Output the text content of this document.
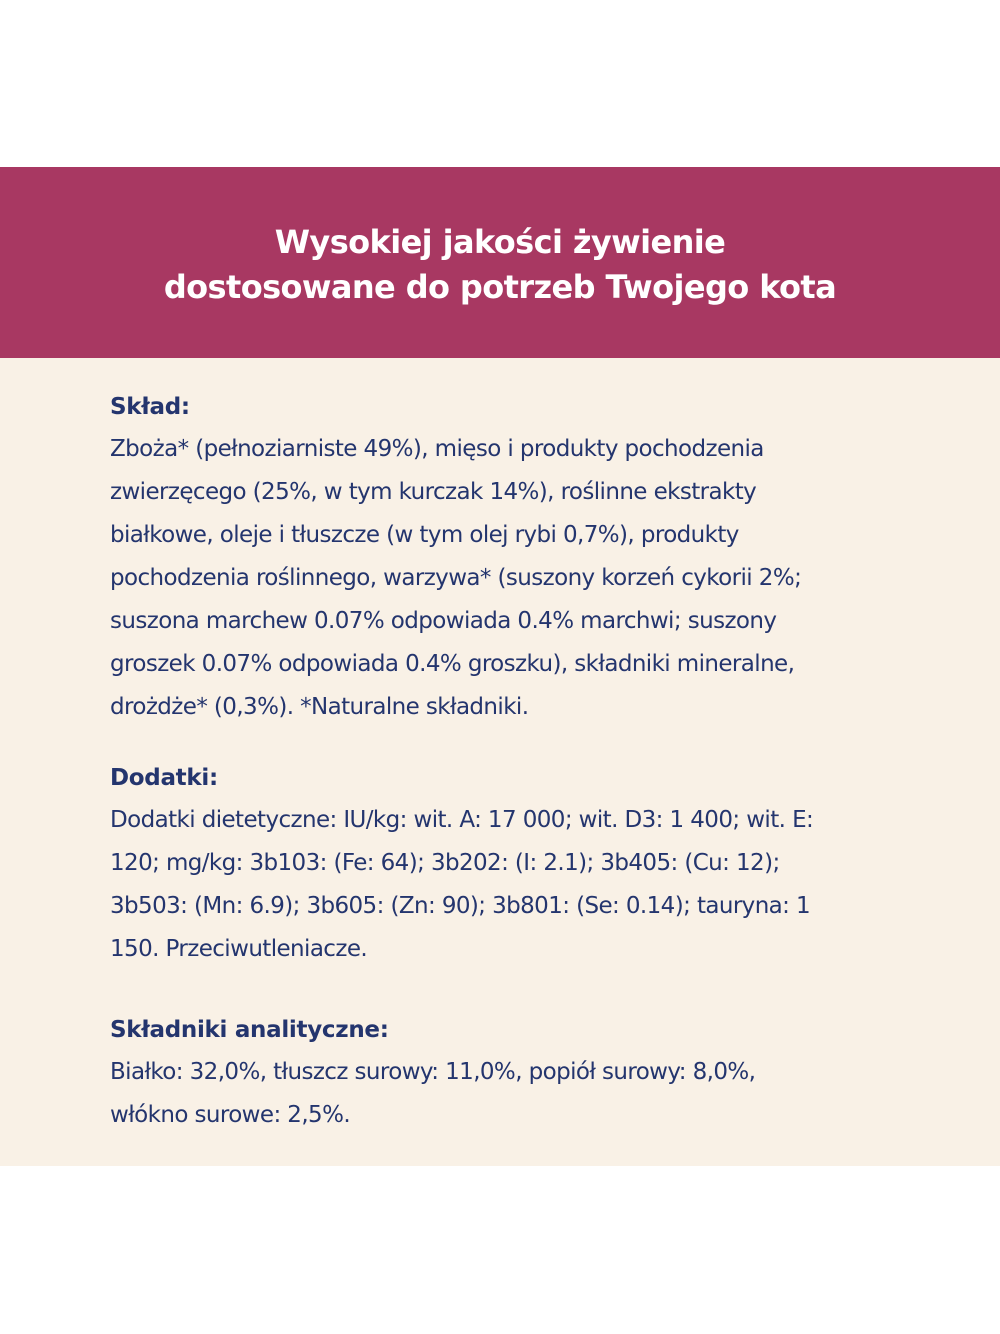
Wysokiej jakości żywienie
dostosowane do potrzeb Twojego kota
Skład:
Zboża* (pełnoziarniste 49%), mięso i produkty pochodzenia
zwierzęcego (25%, w tym kurczak 14%), roślinne ekstrakty
białkowe, oleje i tłuszcze (w tym olej rybi 0,7%), produkty
pochodzenia roślinnego, warzywa* (suszony korzeń cykorii 2%;
suszona marchew 0.07% odpowiada 0.4% marchwi; suszony
groszek 0.07% odpowiada 0.4% groszku), składniki mineralne,
drożdże* (0,3%). *Naturalne składniki.
Dodatki:
Dodatki dietetyczne: IU/kg: wit. A: 17 000; wit. D3: 1 400; wit. E:
120; mg/kg: 3b103: (Fe: 64); 3b202: (I: 2.1); 3b405: (Cu: 12);
3b503: (Mn: 6.9); 3b605: (Zn: 90); 3b801: (Se: 0.14); tauryna: 1
150. Przeciwutleniacze.
Składniki analityczne:
Białko: 32,0%, tłuszcz surowy: 11,0%, popiół surowy: 8,0%,
włókno surowe: 2,5%.
